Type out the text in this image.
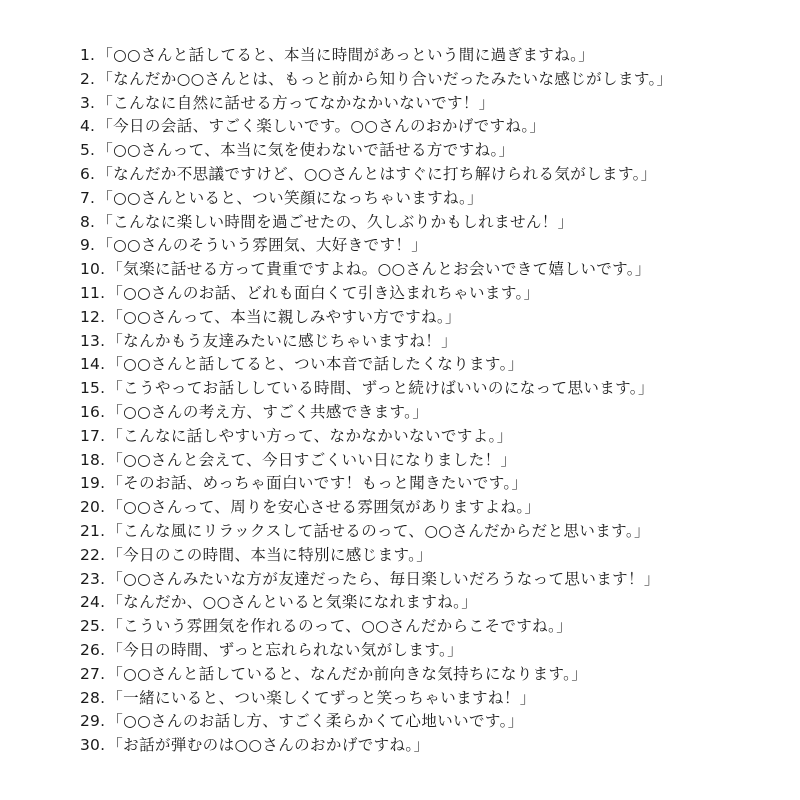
1. 「○○さんと話してると、本当に時間があっという間に過ぎますね。」
2. 「なんだか○○さんとは、もっと前から知り合いだったみたいな感じがします。」
3. 「こんなに自然に話せる方ってなかなかいないです！」
4. 「今日の会話、すごく楽しいです。○○さんのおかげですね。」
5. 「○○さんって、本当に気を使わないで話せる方ですね。」
6. 「なんだか不思議ですけど、○○さんとはすぐに打ち解けられる気がします。」
7. 「○○さんといると、つい笑顔になっちゃいますね。」
8. 「こんなに楽しい時間を過ごせたの、久しぶりかもしれません！」
9. 「○○さんのそういう雰囲気、大好きです！」
10. 「気楽に話せる方って貴重ですよね。○○さんとお会いできて嬉しいです。」
11. 「○○さんのお話、どれも面白くて引き込まれちゃいます。」
12. 「○○さんって、本当に親しみやすい方ですね。」
13. 「なんかもう友達みたいに感じちゃいますね！」
14. 「○○さんと話してると、つい本音で話したくなります。」
15. 「こうやってお話ししている時間、ずっと続けばいいのになって思います。」
16. 「○○さんの考え方、すごく共感できます。」
17. 「こんなに話しやすい方って、なかなかいないですよ。」
18. 「○○さんと会えて、今日すごくいい日になりました！」
19. 「そのお話、めっちゃ面白いです！もっと聞きたいです。」
20. 「○○さんって、周りを安心させる雰囲気がありますよね。」
21. 「こんな風にリラックスして話せるのって、○○さんだからだと思います。」
22. 「今日のこの時間、本当に特別に感じます。」
23. 「○○さんみたいな方が友達だったら、毎日楽しいだろうなって思います！」
24. 「なんだか、○○さんといると気楽になれますね。」
25. 「こういう雰囲気を作れるのって、○○さんだからこそですね。」
26. 「今日の時間、ずっと忘れられない気がします。」
27. 「○○さんと話していると、なんだか前向きな気持ちになります。」
28. 「一緒にいると、つい楽しくてずっと笑っちゃいますね！」
29. 「○○さんのお話し方、すごく柔らかくて心地いいです。」
30. 「お話が弾むのは○○さんのおかげですね。」
